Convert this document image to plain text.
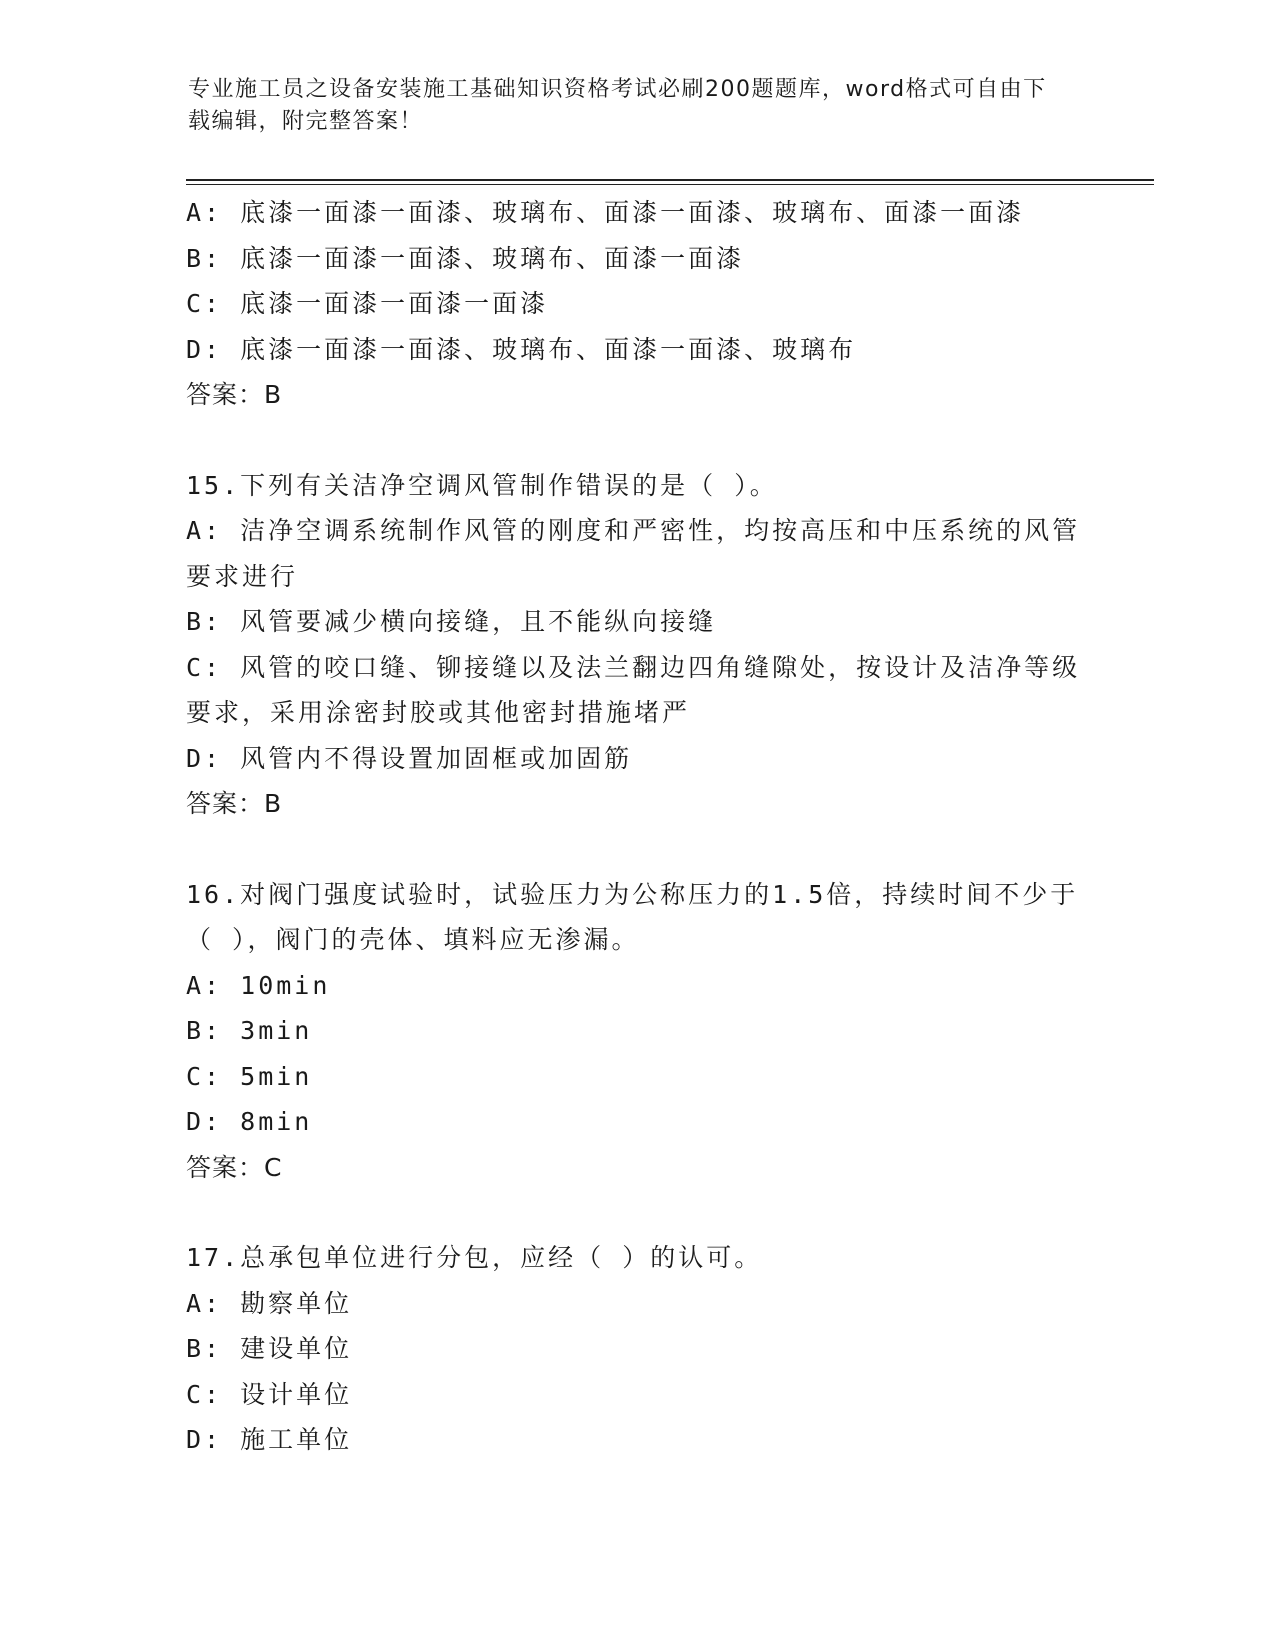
专业施工员之设备安装施工基础知识资格考试必刷200题题库，word格式可自由下载编辑，附完整答案！

A: 底漆一面漆一面漆、玻璃布、面漆一面漆、玻璃布、面漆一面漆

B: 底漆一面漆一面漆、玻璃布、面漆一面漆

C: 底漆一面漆一面漆一面漆

D: 底漆一面漆一面漆、玻璃布、面漆一面漆、玻璃布

答案：B

15.下列有关洁净空调风管制作错误的是（ ）。

A: 洁净空调系统制作风管的刚度和严密性，均按高压和中压系统的风管要求进行

B: 风管要减少横向接缝，且不能纵向接缝

C: 风管的咬口缝、铆接缝以及法兰翻边四角缝隙处，按设计及洁净等级要求，采用涂密封胶或其他密封措施堵严

D: 风管内不得设置加固框或加固筋

答案：B

16.对阀门强度试验时，试验压力为公称压力的1.5倍，持续时间不少于（ ），阀门的壳体、填料应无渗漏。

A: 10min

B: 3min

C: 5min

D: 8min

答案：C

17.总承包单位进行分包，应经（ ）的认可。

A: 勘察单位

B: 建设单位

C: 设计单位

D: 施工单位
